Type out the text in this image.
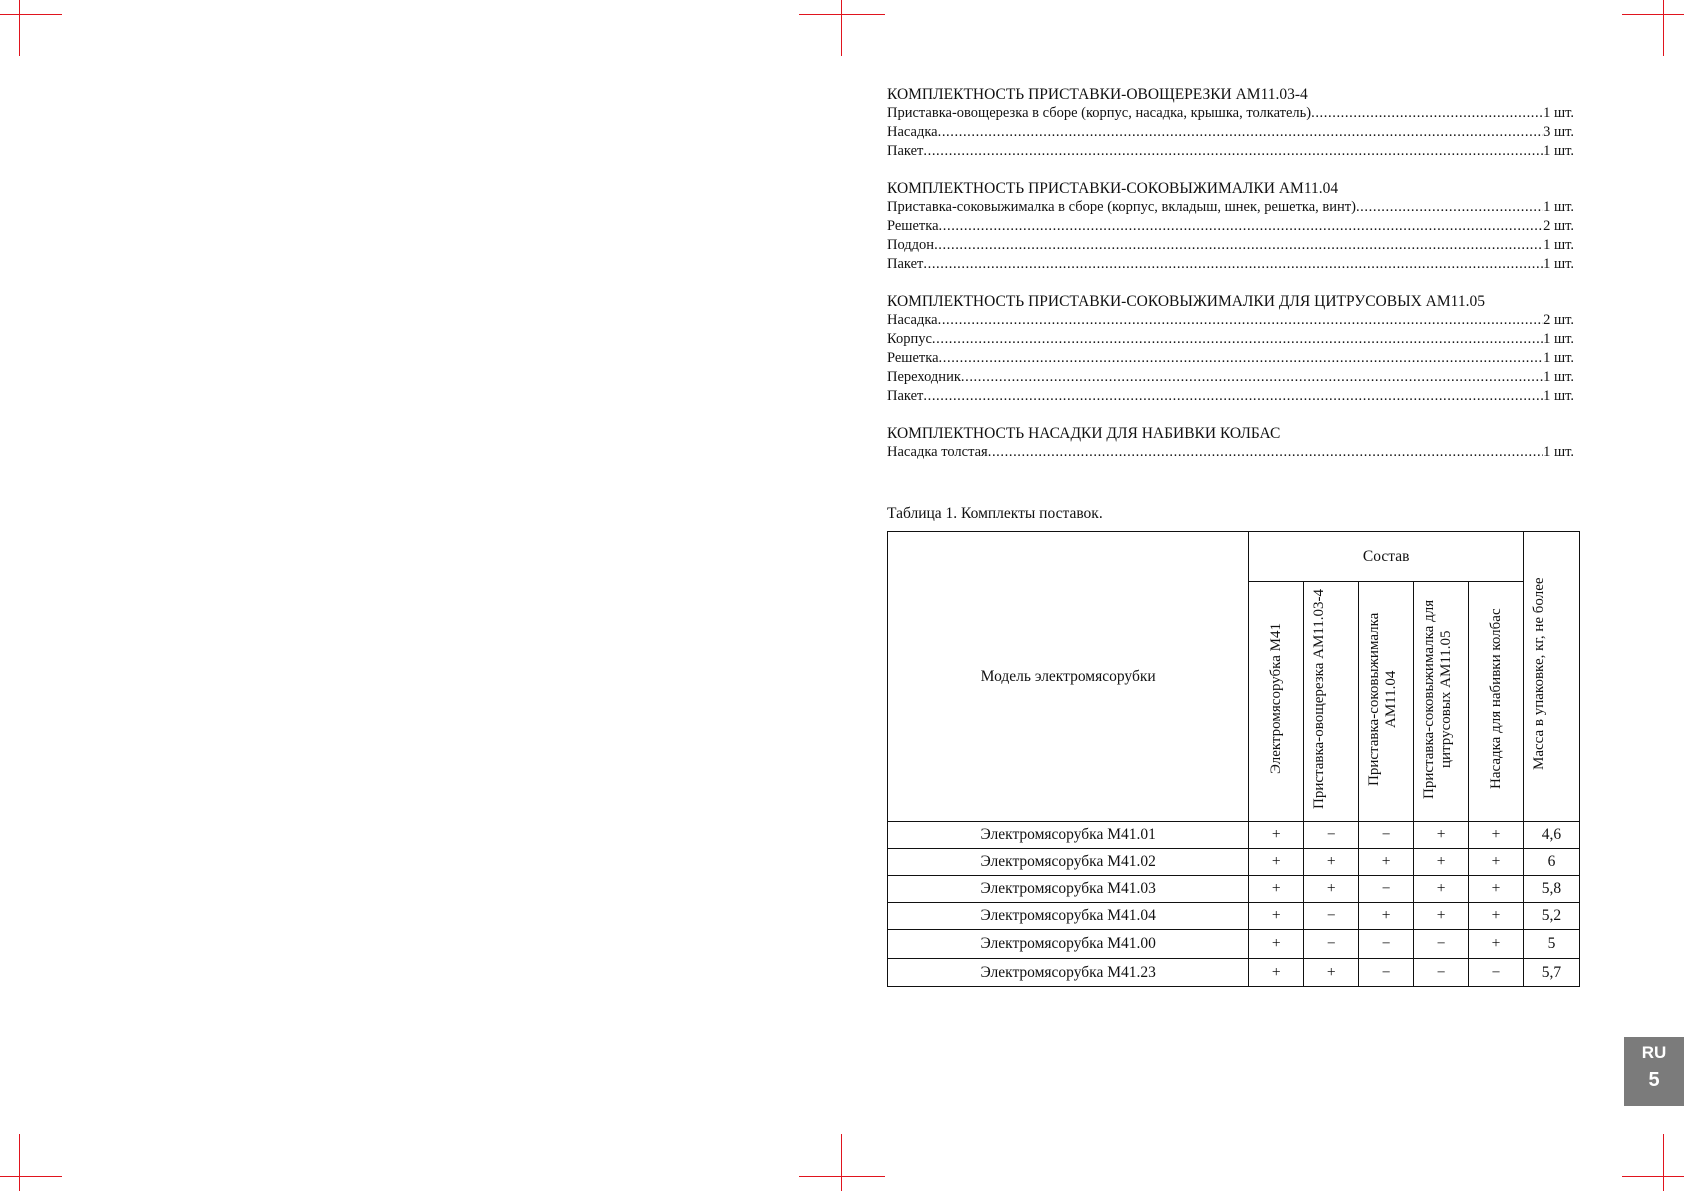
КОМПЛЕКТНОСТЬ ПРИСТАВКИ-ОВОЩЕРЕЗКИ АМ11.03-4
Приставка-овощерезка в сборе (корпус, насадка, крышка, толкатель) .....	1 шт.
Насадка .....	3 шт.
Пакет .....	1 шт.
КОМПЛЕКТНОСТЬ ПРИСТАВКИ-СОКОВЫЖИМАЛКИ АМ11.04
Приставка-соковыжималка в сборе (корпус, вкладыш, шнек, решетка, винт) .....	1 шт.
Решетка .....	2 шт.
Поддон .....	1 шт.
Пакет .....	1 шт.
КОМПЛЕКТНОСТЬ ПРИСТАВКИ-СОКОВЫЖИМАЛКИ ДЛЯ ЦИТРУСОВЫХ АМ11.05
Насадка .....	2 шт.
Корпус .....	1 шт.
Решетка .....	1 шт.
Переходник .....	1 шт.
Пакет .....	1 шт.
КОМПЛЕКТНОСТЬ НАСАДКИ ДЛЯ НАБИВКИ КОЛБАС
Насадка толстая .....	1 шт.
Таблица 1. Комплекты поставок.
Модель электромясорубки	Состав					Масса в упаковке, кг, не более
	Электромясорубка М41	Приставка-овощерезка АМ11.03-4	Приставка-соковыжималка АМ11.04	Приставка-соковыжималка для цитрусовых АМ11.05	Насадка для набивки колбас	
Электромясорубка М41.01	+	−	−	+	+	4,6
Электромясорубка М41.02	+	+	+	+	+	6
Электромясорубка М41.03	+	+	−	+	+	5,8
Электромясорубка М41.04	+	−	+	+	+	5,2
Электромясорубка М41.00	+	−	−	−	+	5
Электромясорубка М41.23	+	+	−	−	−	5,7
RU
5
